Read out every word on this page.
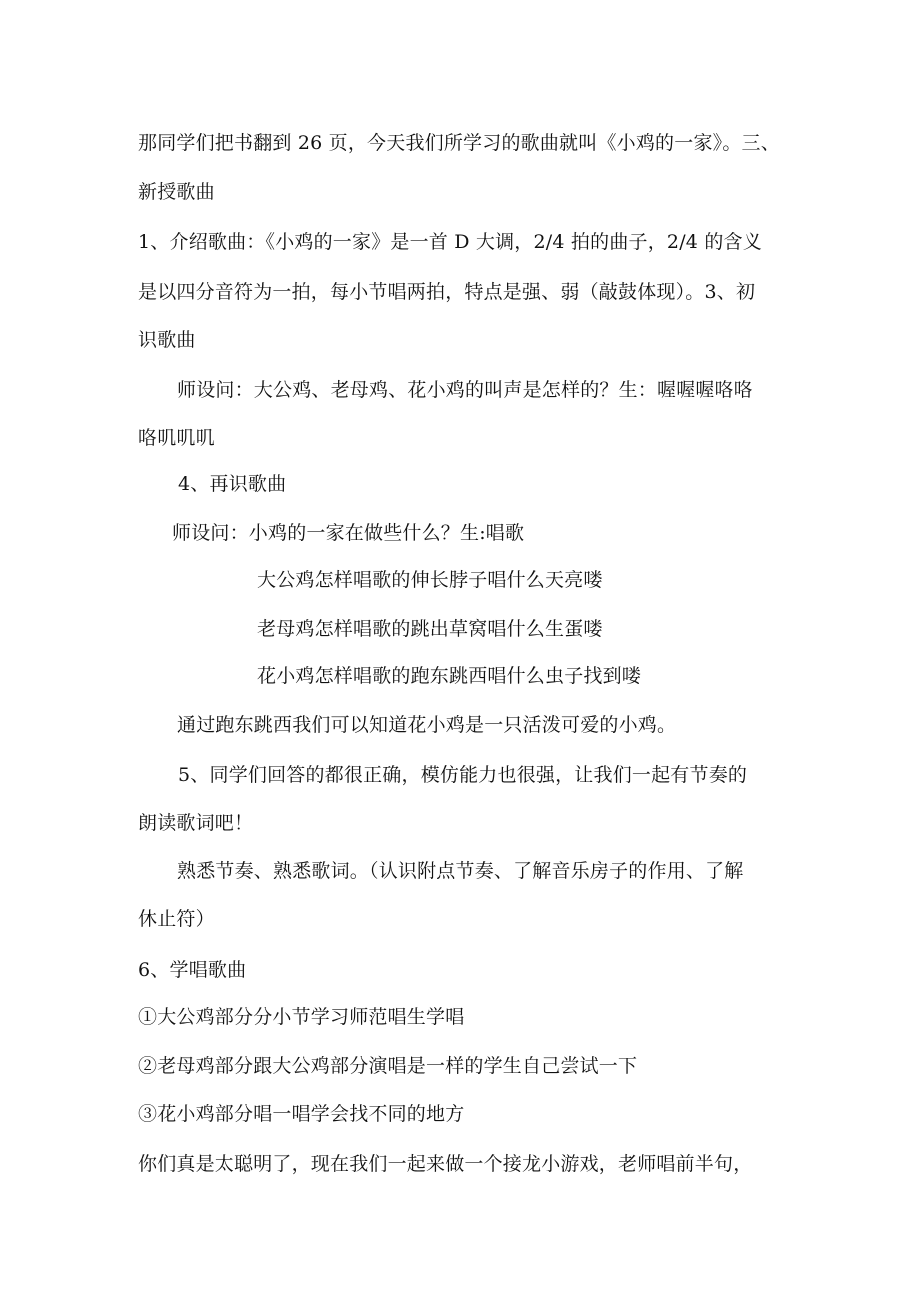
那同学们把书翻到 26 页，今天我们所学习的歌曲就叫《小鸡的一家》。三、
新授歌曲
1、介绍歌曲：《小鸡的一家》是一首 D 大调，2/4 拍的曲子，2/4 的含义
是以四分音符为一拍，每小节唱两拍，特点是强、弱（敲鼓体现）。3、初
识歌曲
师设问：大公鸡、老母鸡、花小鸡的叫声是怎样的？生：喔喔喔咯咯
咯叽叽叽
4、再识歌曲
师设问：小鸡的一家在做些什么？生:唱歌
大公鸡怎样唱歌的伸长脖子唱什么天亮喽
老母鸡怎样唱歌的跳出草窝唱什么生蛋喽
花小鸡怎样唱歌的跑东跳西唱什么虫子找到喽
通过跑东跳西我们可以知道花小鸡是一只活泼可爱的小鸡。
5、同学们回答的都很正确，模仿能力也很强，让我们一起有节奏的
朗读歌词吧！
熟悉节奏、熟悉歌词。（认识附点节奏、了解音乐房子的作用、了解
休止符）
6、学唱歌曲
①大公鸡部分分小节学习师范唱生学唱
②老母鸡部分跟大公鸡部分演唱是一样的学生自己尝试一下
③花小鸡部分唱一唱学会找不同的地方
你们真是太聪明了，现在我们一起来做一个接龙小游戏，老师唱前半句，
